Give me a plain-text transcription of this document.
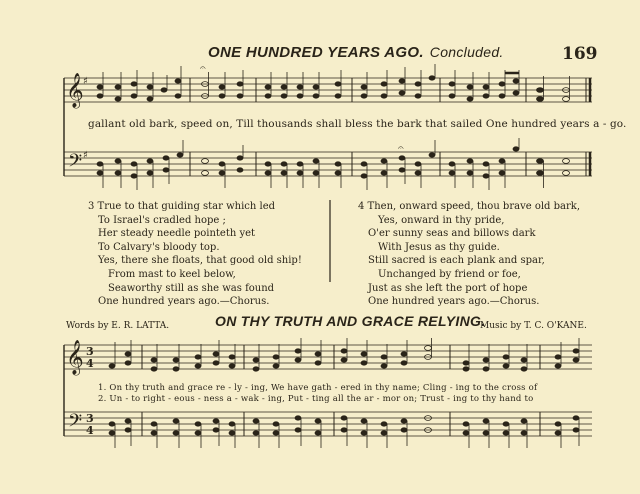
ONE HUNDRED YEARS AGO. Concluded.	169
𝄞
𝄢
♯
♯
𝄞
𝄢
3
4
3
4
𝄐
𝄐
gallant old bark, speed on, Till thousands shall bless the bark that sailed One hundred years a - go.
3 True to that guiding star which led
To Israel's cradled hope ;
Her steady needle pointeth yet
To Calvary's bloody top.
Yes, there she floats, that good old ship!
From mast to keel below,
Seaworthy still as she was found
One hundred years ago.—Chorus.
4 Then, onward speed, thou brave old bark,
Yes, onward in thy pride,
O'er sunny seas and billows dark
With Jesus as thy guide.
Still sacred is each plank and spar,
Unchanged by friend or foe,
Just as she left the port of hope
One hundred years ago.—Chorus.
ON THY TRUTH AND GRACE RELYING.
Words by E. R. LATTA.	Music by T. C. O'KANE.
1. On thy truth and grace re - ly - ing, We have gath - ered in thy name; Cling - ing to the cross of
2. Un - to right - eous - ness a - wak - ing, Put - ting all the ar - mor on; Trust - ing to thy hand to
